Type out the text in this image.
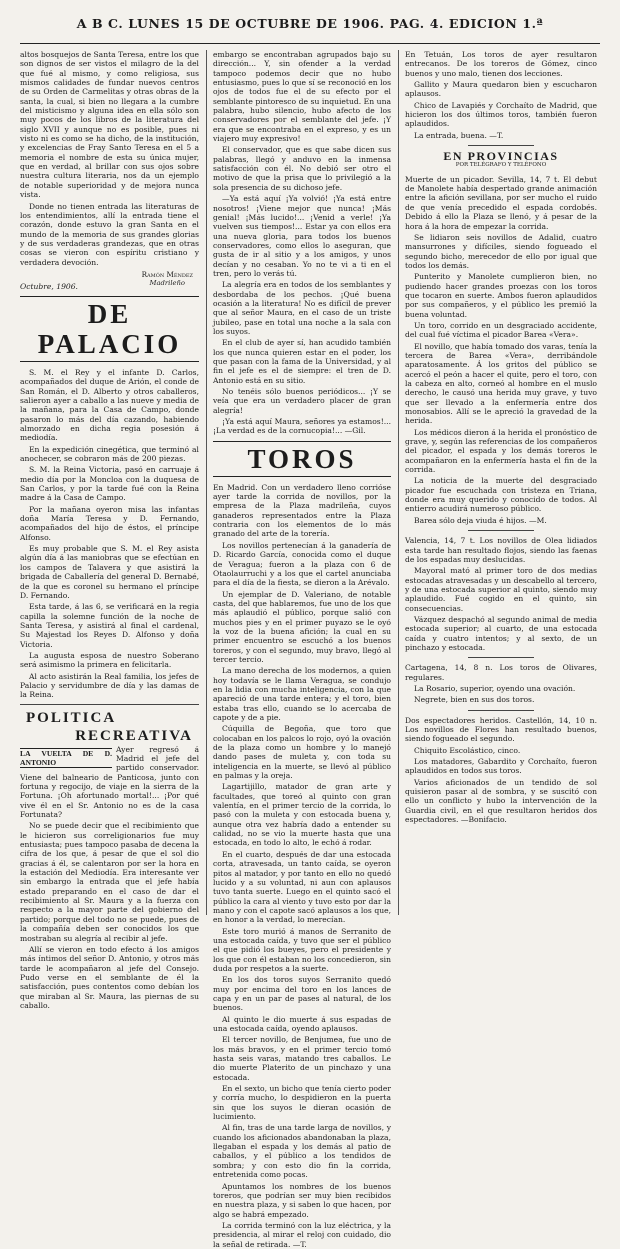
A B C. LUNES 15 DE OCTUBRE DE 1906. PAG. 4. EDICION 1.ª

altos bosquejos de Santa Teresa, entre los que son dignos de ser vistos el milagro de la del que fué al mismo, y como religiosa, sus mismos calidades de fundar nuevos centros de su Orden de Carmelitas y otras obras de la santa, la cual, si bien no llegara a la cumbre del misticismo y alguna idea en ella sólo son muy pocos de los libros de la literatura del siglo XVII y aunque no es posible, pues ni visto ni es como se ha dicho, de la institución, y excelencias de Fray Santo Teresa en el 5 a memoria el nombre de esta su única mujer, que en verdad, al brillar con sus ojos sobre nuestra cultura literaria, nos da un ejemplo de notable superioridad y de mejora nunca vista.

Donde no tienen entrada las literaturas de los entendimientos, allí la entrada tiene el corazón, donde estuvo la gran Santa en el mundo de la memoria de sus grandes glorias y de sus verdaderas grandezas, que en otras cosas se vieron con espíritu cristiano y verdadera devoción.

Ramón Méndez

Madrileño

Octubre, 1906.

DE PALACIO

S. M. el Rey y el infante D. Carlos, acompañados del duque de Arión, el conde de San Román, el D. Alberto y otros caballeros, salieron ayer a caballo a las nueve y media de la mañana, para la Casa de Campo, donde pasaron lo más del día cazando, habiendo almorzado en dicha regia posesión á mediodía.

En la expedición cinegética, que terminó al anochecer, se cobraron más de 200 piezas.

S. M. la Reina Victoria, pasó en carruaje á medio día por la Moncloa con la duquesa de San Carlos, y por la tarde fué con la Reina madre á la Casa de Campo.

Por la mañana oyeron misa las infantas doña María Teresa y D. Fernando, acompañados del hijo de éstos, el príncipe Alfonso.

Es muy probable que S. M. el Rey asista algún día á las maniobras que se efectúan en los campos de Talavera y que asistirá la brigada de Caballería del general D. Bernabé, de la que es coronel su hermano el príncipe D. Fernando.

Esta tarde, á las 6, se verificará en la regia capilla la solemne función de la noche de Santa Teresa, y asistirá al final el cardenal, Su Majestad los Reyes D. Alfonso y doña Victoria.

La augusta esposa de nuestro Soberano será asimismo la primera en felicitarla.

Al acto asistirán la Real familia, los jefes de Palacio y servidumbre de día y las damas de la Reina.

POLITICA
RECREATIVA
LA VUELTA DE D. ANTONIO

Ayer regresó á Madrid el jefe del partido conservador. Viene del balneario de Panticosa, junto con fortuna y regocijo, de viaje en la sierra de la Fortuna. ¡Oh afortunado mortal!... ¡Por qué vive él en el Sr. Antonio no es de la casa Fortunata?

No se puede decir que el recibimiento que le hicieron sus correligionarios fue muy entusiasta; pues tampoco pasaba de decena la cifra de los que, á pesar de que el sol dio gracias á él, se calentaron por ser la hora en la estación del Mediodía. Era interesante ver sin embargo la entrada que el jefe había estado preparando en el caso de dar el recibimiento al Sr. Maura y a la fuerza con respecto a la mayor parte del gobierno del partido; porque del todo no se puede, pues de la compañía deben ser conocidos los que mostraban su alegría al recibir al jefe.

Allí se vieron en todo efecto á los amigos más íntimos del señor D. Antonio, y otros más tarde le acompañaron al jefe del Consejo. Pudo verse en el semblante de él la satisfacción, pues contentos como debían los que miraban al Sr. Maura, las piernas de su caballo.

embargo se encontraban agrupados bajo su dirección... Y, sin ofender a la verdad tampoco podemos decir que no hubo entusiasmo, pues lo que sí se reconoció en los ojos de todos fue el de su efecto por el semblante pintoresco de su inquietud. En una palabra, hubo silencio, hubo afecto de los conservadores por el semblante del jefe. ¡Y era que se encontraba en el expreso, y es un viajero muy expresivo!

El conservador, que es que sabe dicen sus palabras, llegó y anduvo en la inmensa satisfacción con él. No debió ser otro el motivo de que la prisa que lo privilegió a la sola presencia de su dichoso jefe.

—Ya está aquí ¡Ya volvió! ¡Ya está entre nosotros! ¡Viene mejor que nunca! ¡Más genial! ¡Más lucido!... ¡Venid a verle! ¡Ya vuelven sus tiempos!... Estar ya con ellos era una nueva gloria, para todos los buenos conservadores, como ellos lo aseguran, que gusta de ir al sitio y a los amigos, y unos decían y no cesaban. Yo no te vi a ti en el tren, pero lo verás tú.

La alegría era en todos de los semblantes y desbordaba de los pechos. ¡Qué buena ocasión a la literatura! No es difícil de prever que al señor Maura, en el caso de un triste jubileo, pase en total una noche a la sala con los suyos.

En el club de ayer sí, han acudido también los que nunca quieren estar en el poder, los que pasan con la fama de la Universidad, y al fin el jefe es el de siempre: el tren de D. Antonio está en su sitio.

No tenéis sólo buenos periódicos... ¡Y se veía que era un verdadero placer de gran alegría!

¡Ya está aquí Maura, señores ya estamos!... ¡La verdad es de la cornucopia!... —Gil.

TOROS

En Madrid. Con un verdadero lleno corrióse ayer tarde la corrida de novillos, por la empresa de la Plaza madrileña, cuyos ganaderos representados entre la Plaza contraria con los elementos de lo más granado del arte de la torería.

Los novillos pertenecían á la ganadería de D. Ricardo García, conocida como el duque de Veragua; fueron a la plaza con 6 de Otaolaurruchi y a los que el cartel anunciaba para el día de la fiesta, se dieron a la Arévalo.

Un ejemplar de D. Valeriano, de notable casta, del que hablaremos, fue uno de los que más aplaudió el público, porque salió con muchos pies y en el primer puyazo se le oyó la voz de la buena afición; la cual en su primer encuentro se escuchó a los buenos toreros, y con el segundo, muy bravo, llegó al tercer tercio.

La mano derecha de los modernos, a quien hoy todavía se le llama Veragua, se condujo en la lidia con mucha inteligencia, con la que apareció de una tarde entera; y el toro, bien estaba tras ello, cuando se lo acercaba de capote y de a pie.

Cúquilla de Begoña, que toro que colocaban en los palcos lo rojo, oyó la ovación de la plaza como un hombre y lo manejó dando pases de muleta y, con toda su inteligencia en la muerte, se llevó al público en palmas y la oreja.

Lagartijillo, matador de gran arte y facultades, que toreó al quinto con gran valentía, en el primer tercio de la corrida, lo pasó con la muleta y con estocada buena y, aunque otra vez habría dado a entender su calidad, no se vio la muerte hasta que una estocada, en todo lo alto, le echó á rodar.

En el cuarto, después de dar una estocada corta, atravesada, un tanto caída, se oyeron pitos al matador, y por tanto en ello no quedó lucido y a su voluntad, ni aun con aplausos tuvo tanta suerte. Luego en el quinto sacó el público la cara al viento y tuvo esto por dar la mano y con el capote sacó aplausos a los que, en honor a la verdad, lo merecían.

Este toro murió á manos de Serranito de una estocada caída, y tuvo que ser el público el que pidió los bueyes, pero el presidente y los que con él estaban no los concedieron, sin duda por respetos a la suerte.

En los dos toros suyos Serranito quedó muy por encima del toro en los lances de capa y en un par de pases al natural, de los buenos.

Al quinto le dio muerte á sus espadas de una estocada caída, oyendo aplausos.

El tercer novillo, de Benjumea, fue uno de los más bravos, y en el primer tercio tomó hasta seis varas, matando tres caballos. Le dio muerte Platerito de un pinchazo y una estocada.

En el sexto, un bicho que tenía cierto poder y corría mucho, lo despidieron en la puerta sin que los suyos le dieran ocasión de lucimiento.

Al fin, tras de una tarde larga de novillos, y cuando los aficionados abandonaban la plaza, llegaban el espada y los demás al patio de caballos, y el público a los tendidos de sombra; y con esto dio fin la corrida, entretenida como pocas.

Apuntamos los nombres de los buenos toreros, que podrían ser muy bien recibidos en nuestra plaza, y si saben lo que hacen, por algo se habrá empezado.

La corrida terminó con la luz eléctrica, y la presidencia, al mirar el reloj con cuidado, dio la señal de retirada. —T.

En Tetuán, Los toros de ayer resultaron entrecanos. De los toreros de Gómez, cinco buenos y uno malo, tienen dos lecciones.

Gallito y Maura quedaron bien y escucharon aplausos.

Chico de Lavapiés y Corchaíto de Madrid, que hicieron los dos últimos toros, también fueron aplaudidos.

La entrada, buena. —T.

EN PROVINCIAS
POR TELÉGRAFO Y TELÉFONO

Muerte de un picador. Sevilla, 14, 7 t. El debut de Manolete había despertado grande animación entre la afición sevillana, por ser mucho el ruido de que venía precedido el espada cordobés. Debido á ello la Plaza se llenó, y á pesar de la hora á la hora de empezar la corrida.

Se lidiaron seis novillos de Adalid, cuatro mansurrones y difíciles, siendo fogueado el segundo bicho, merecedor de ello por igual que todos los demás.

Punterito y Manolete cumplieron bien, no pudiendo hacer grandes proezas con los toros que tocaron en suerte. Ambos fueron aplaudidos por sus compañeros, y el público les premió la buena voluntad.

Un toro, corrido en un desgraciado accidente, del cual fué víctima el picador Barea «Vera».

El novillo, que había tomado dos varas, tenía la tercera de Barea «Vera», derribándole aparatosamente. Á los gritos del público se acercó el peón a hacer el quite, pero el toro, con la cabeza en alto, corneó al hombre en el muslo derecho, le causó una herida muy grave, y tuvo que ser llevado a la enfermería entre dos monosabios. Allí se le apreció la gravedad de la herida.

Los médicos dieron á la herida el pronóstico de grave, y, según las referencias de los compañeros del picador, el espada y los demás toreros le acompañaron en la enfermería hasta el fin de la corrida.

La noticia de la muerte del desgraciado picador fue escuchada con tristeza en Triana, donde era muy querido y conocido de todos. Al entierro acudirá numeroso público.

Barea sólo deja viuda é hijos. —M.

Valencia, 14, 7 t. Los novillos de Olea lidiados esta tarde han resultado flojos, siendo las faenas de los espadas muy deslucidas.

Mayoral mató al primer toro de dos medias estocadas atravesadas y un descabello al tercero, y de una estocada superior al quinto, siendo muy aplaudido. Fué cogido en el quinto, sin consecuencias.

Vázquez despachó al segundo animal de media estocada superior; al cuarto, de una estocada caída y cuatro intentos; y al sexto, de un pinchazo y estocada.

Cartagena, 14, 8 n. Los toros de Olivares, regulares.

La Rosario, superior, oyendo una ovación.

Negrete, bien en sus dos toros.

Dos espectadores heridos. Castellón, 14, 10 n. Los novillos de Flores han resultado buenos, siendo fogueado el segundo.

Chiquito Escolástico, cinco.

Los matadores, Gabardito y Corchaíto, fueron aplaudidos en todos sus toros.

Varios aficionados de un tendido de sol quisieron pasar al de sombra, y se suscitó con ello un conflicto y hubo la intervención de la Guardia civil, en el que resultaron heridos dos espectadores. —Bonifacio.
